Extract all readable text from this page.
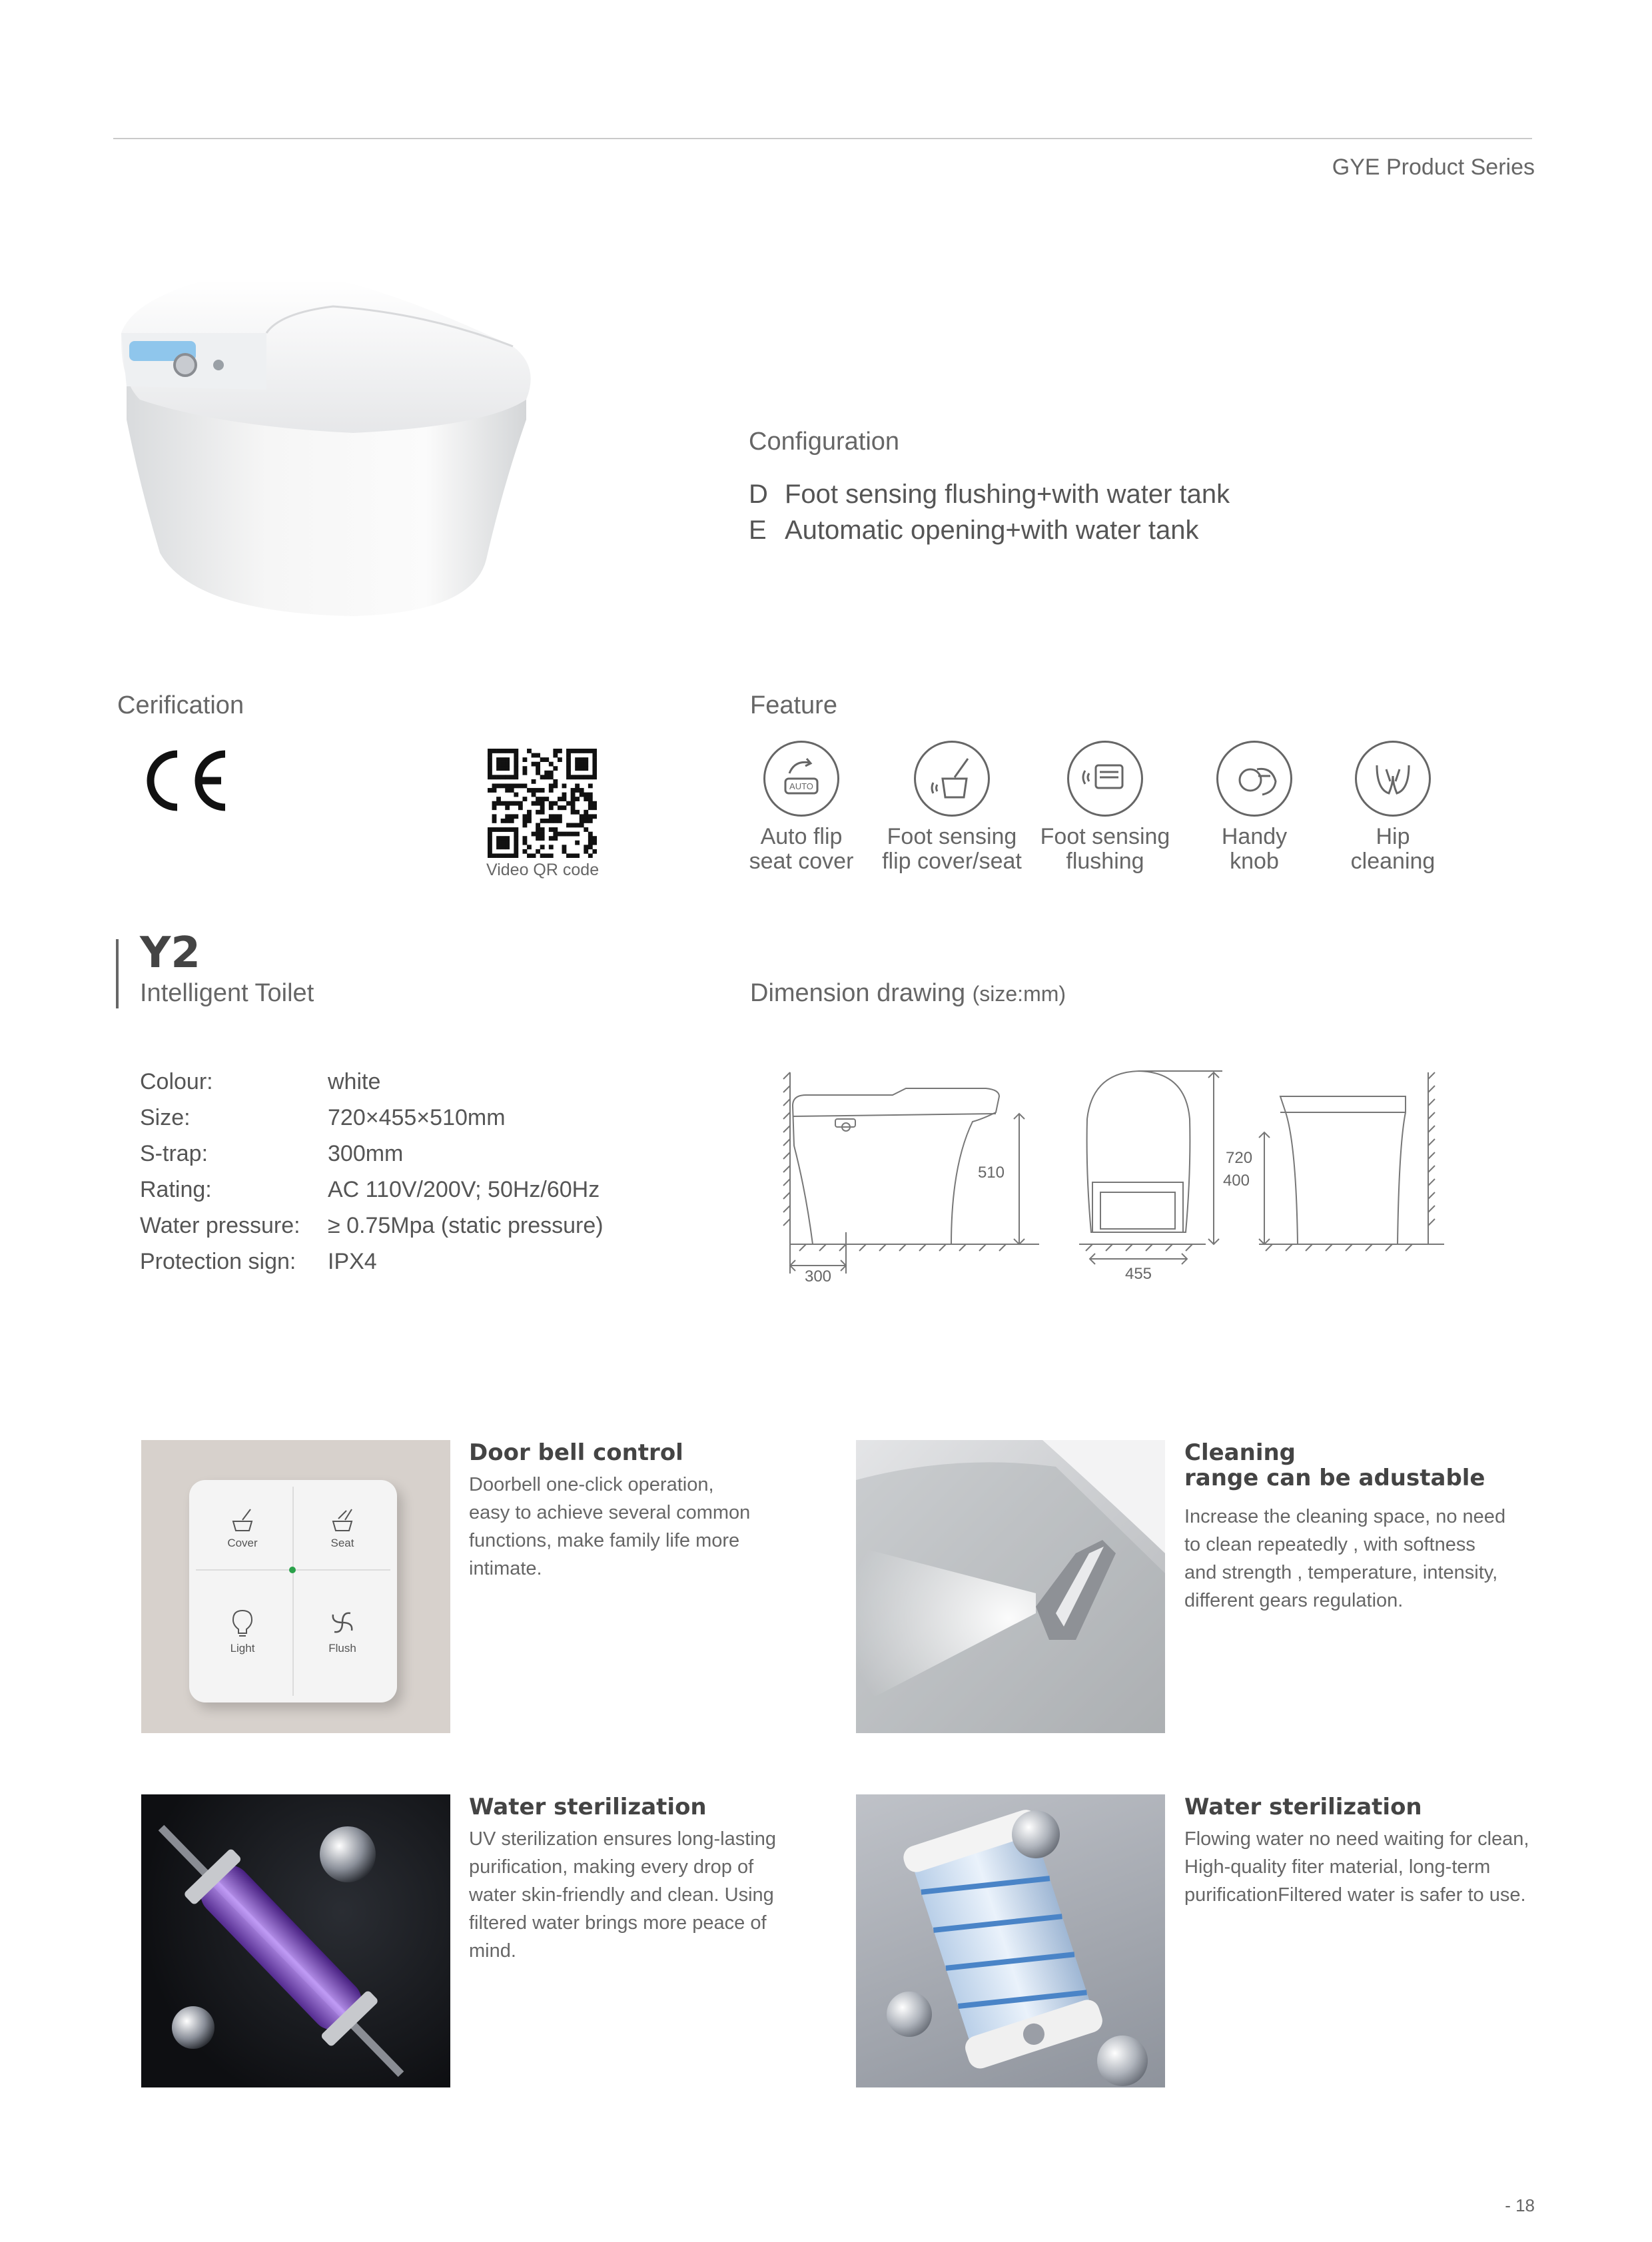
GYE Product Series
Configuration
D Foot sensing flushing+with water tank
E Automatic opening+with water tank
Cerification
Video QR code
Feature
AUTO
Auto flip
seat cover
Foot sensing
flip cover/seat
Foot sensing
flushing
Handy
knob
Hip
cleaning
Y2
Intelligent Toilet	Dimension drawing (size:mm)
Colour:	white
Size:	720×455×510mm
S-trap:	300mm
Rating:	AC 110V/200V; 50Hz/60Hz
Water pressure: ≥ 0.75Mpa (static pressure)
Protection sign: IPX4
510
300
720
455
400
Cover	Seat
Light	Flush
Door bell control
Doorbell one-click operation,
easy to achieve several common
functions, make family life more
intimate.
Cleaning
range can be adustable
Increase the cleaning space, no need
to clean repeatedly , with softness
and strength , temperature, intensity,
different gears regulation.
Water sterilization
UV sterilization ensures long-lasting
purification, making every drop of
water skin-friendly and clean. Using
filtered water brings more peace of
mind.
Water sterilization
Flowing water no need waiting for clean,
High-quality fiter material, long-term
purificationFiltered water is safer to use.
- 18
